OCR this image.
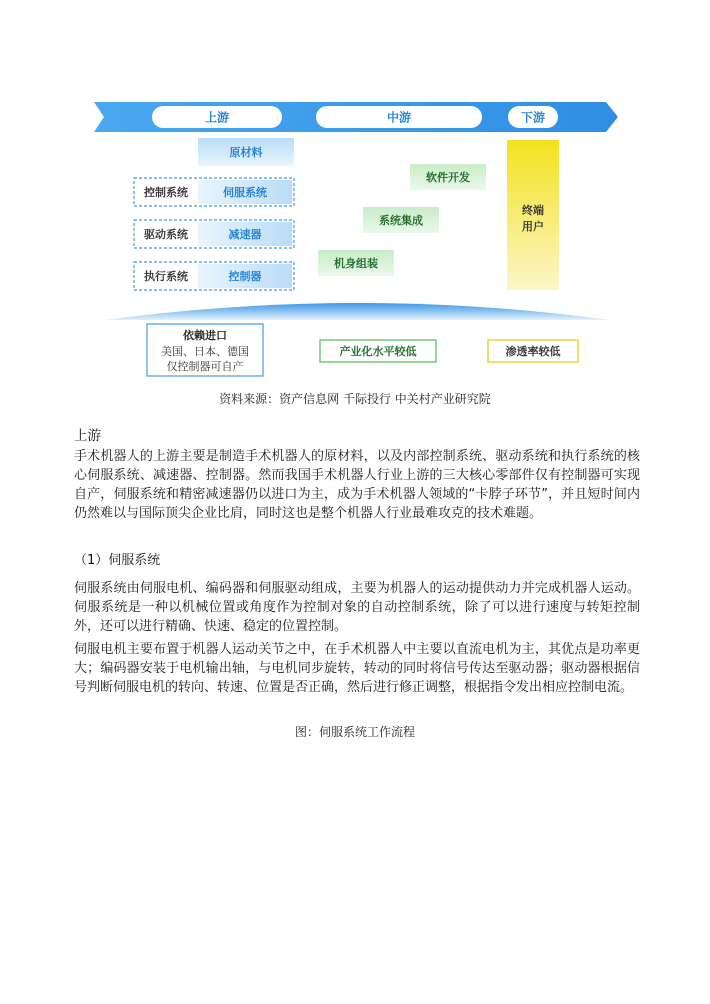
上游	中游	下游
原材料
控制系统	伺服系统
驱动系统	减速器
执行系统	控制器
机身组装
系统集成
软件开发
终端
用户
依赖进口
美国、日本、德国
仅控制器可自产
产业化水平较低	渗透率较低
资料来源：资产信息网 千际投行 中关村产业研究院
上游

手术机器人的上游主要是制造手术机器人的原材料，以及内部控制系统、驱动系统和执行系统的核心伺服系统、减速器、控制器。然而我国手术机器人行业上游的三大核心零部件仅有控制器可实现自产，伺服系统和精密减速器仍以进口为主，成为手术机器人领域的“卡脖子环节”，并且短时间内仍然难以与国际顶尖企业比肩，同时这也是整个机器人行业最难攻克的技术难题。

（1）伺服系统

伺服系统由伺服电机、编码器和伺服驱动组成，主要为机器人的运动提供动力并完成机器人运动。伺服系统是一种以机械位置或角度作为控制对象的自动控制系统，除了可以进行速度与转矩控制外，还可以进行精确、快速、稳定的位置控制。

伺服电机主要布置于机器人运动关节之中，在手术机器人中主要以直流电机为主，其优点是功率更大；编码器安装于电机输出轴，与电机同步旋转，转动的同时将信号传达至驱动器；驱动器根据信号判断伺服电机的转向、转速、位置是否正确，然后进行修正调整，根据指令发出相应控制电流。

图：伺服系统工作流程
